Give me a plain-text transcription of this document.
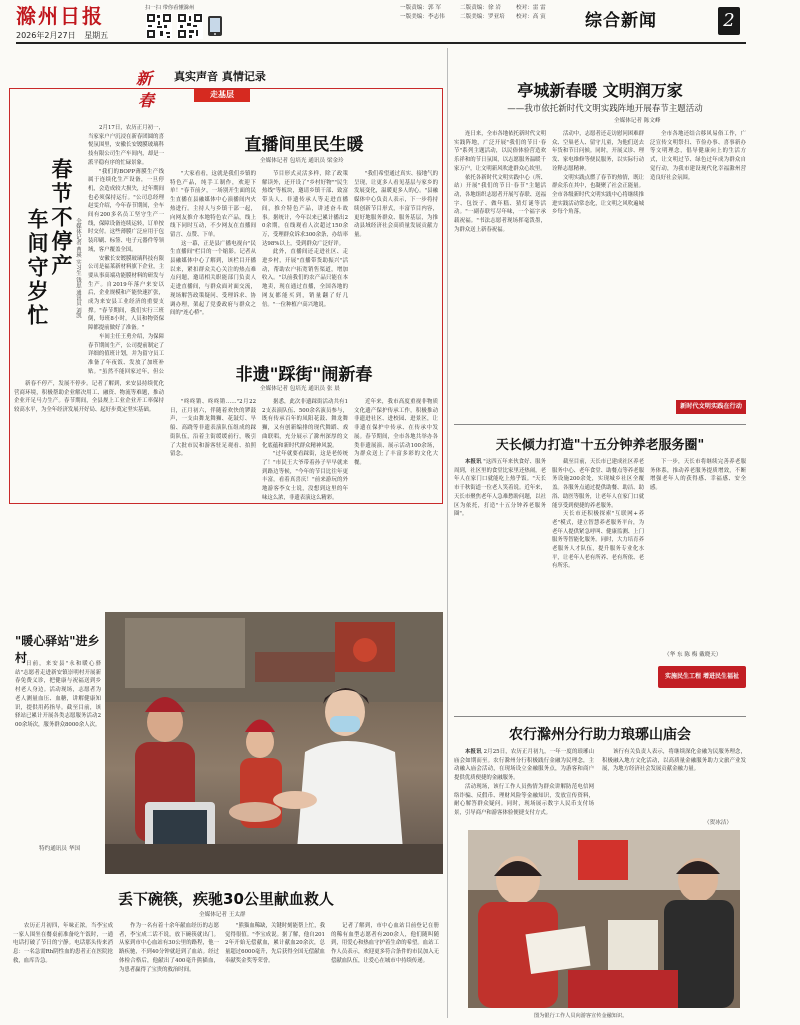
滁州日报
2026年2月27日 星期五
扫一扫 带你看懂滁州	一版责编：郭 军
一版美编：李志伟
二版责编：徐 岩
二版美编：罗亚培
校对：雷 雷
校对：高 寅	综合新闻	2
新
春
真实声音 真情记录
走基层
春节不停产
车间守岁忙	全媒体记者 曹瑛 实习生 钱思 通讯员 刘凯

2月17日，农历正月初一，当家家户户沉浸在新春团圆的喜悦氛围里，安徽长安镀膜玻璃科技有限公司生产车间内，却是一派平稳有序的忙碌景象。

"我们的BOPP薄膜生产线属于连续化生产设备，一旦停机，会造成较大损失，过年期间也必须保持运行。"公司总经理赵雯介绍，今年春节期间，全车间有200多名员工坚守生产一线，保障设备连续运转，订单按时交付。这些薄膜广泛应用于包装印刷、标签、电子元器件等领域，客户覆盖全国。

安徽长安镀膜玻璃科技有限公司是福莱新材料旗下企业，主要从事高端功能膜材料的研发与生产。自2019年落户来安以后，企业规模和产能快速扩张，成为来安县工业经济的重要支撑。"春节期间，我们实行三班倒，每班8小时，人员和物资保障都提前做好了准备。"

车间主任王勇介绍，为保障春节期间生产，公司提前制定了详细的值班计划，并为留守员工准备了年夜饭、发放了加班补贴。"虽然不能回家过年，但公

新春不停产，发展不停步。记者了解到，来安县持续优化营商环境，积极帮助企业解决用工、融资、物流等难题，推动企业开足马力生产。春节期间，全县规上工业企业开工率保持较高水平，为全年经济发展开好局、起好步奠定坚实基础。

直播间里民生暖
全媒体记者 包培光 通讯员 梁金玲

"大家看看，这就是我们乡镇的特色产品，纯手工制作，欢迎下单！"春节前夕，一场别开生面的民生直播在县融媒体中心演播间内火热进行。主持人与乡镇干部一起，向网友推介本地特色农产品，线上线下同时互动，不少网友在直播间留言、点赞、下单。

这一幕，正是县广播电视台"民生直播间"栏目的一个缩影。记者从县融媒体中心了解到，该栏目开播以来，紧扣群众关心关注的热点难点问题，邀请相关职能部门负责人走进直播间，与群众面对面交流，现场解答政策疑问、受理诉求、协调办理，架起了党委政府与群众之间的"连心桥"。

节目形式灵活多样，除了政策解读外，还开设了"乡村好物""民生热线"等板块，邀请乡镇干部、致富带头人、非遗传承人等走进直播间，推介特色产品，讲述奋斗故事。据统计，今年以来已累计播出20余期，在线观看人次超过150余万，受理群众诉求300余条，办结率达98%以上，受到群众广泛好评。

此外，直播间还走进社区、走进乡村，开展"直播带货助振兴"活动，帮助农户拓宽销售渠道，增加收入。"以前我们的农产品只能在本地卖，现在通过直播，全国各地的网友都能买到，销量翻了好几倍。"一位种植户高兴地说。

"我们希望通过真实、接地气的呈现，让更多人看见基层与家乡的发展变化，温暖更多人的心。"县融媒体中心负责人表示，下一步将持续创新节目形式，丰富节目内容，更好地服务群众、服务基层，为推动县域经济社会高质量发展贡献力量。

非遗"踩街"闹新春
全媒体记者 包培光 通讯员 张 晨

"咚咚锵、咚咚锵……"2月22日，正月初六，伴随着欢快的锣鼓声，一支由舞龙舞狮、花鼓灯、旱船、高跷等非遗表演队伍组成的踩街队伍，沿着主街缓缓前行，吸引了大批市民和游客驻足观看、拍照留念。

据悉，此次非遗踩街活动共有12支表演队伍、500余名演员参与，既有传承百年的凤阳花鼓、舞龙舞狮，又有创新编排的现代舞蹈、戏曲联唱，充分展示了滁州深厚的文化底蕴和新时代群众精神风貌。

"过年就要看踩街，这是老传统了！"市民王大爷带着孙子早早就来到路边等候，"今年的节目比往年更丰富，看着真喜庆！"前来游玩的外地游客李女士说，没想到这里的年味这么浓，非遗表演这么精彩。

近年来，我市高度重视非物质文化遗产保护传承工作，积极推动非遗进社区、进校园、进景区，让非遗在保护中传承、在传承中发展。春节期间，全市各地共举办各类非遗展演、展示活动100余场，为群众送上了丰富多彩的文化大餐。

"暖心驿站"进乡村

日前，来安县"永和暖心驿站"志愿者走进新安镇崇明村开展新春免费义诊，把健康与祝福送到乡村老人身边。活动现场，志愿者为老人测量血压、血糖，讲解健康知识，提供用药指导。截至目前，该驿站已累计开展各类志愿服务活动200余场次，服务群众8000余人次。

特约通讯员 华国
丢下碗筷，疾驰30公里献血救人
全媒体记者 王太群

农历正月初四，年味正浓。当李宝成一家人围坐在餐桌前准备吃午饭时，一通电话打破了节日的宁静。电话那头传来消息：一名急需Rh阴性血的患者正在医院抢救，血库告急。

作为一名有着十余年献血经历的志愿者，李宝成二话不说，放下碗筷就出门。从家到市中心血站有30公里的路程，他一路疾驰，不到40分钟就赶到了血站。经过体检合格后，他献出了400毫升熊猫血，为患者赢得了宝贵的救治时间。

"熊猫血稀缺，关键时刻能帮上忙，我觉得很值。"李宝成说。据了解，他自2012年开始无偿献血，累计献血20余次，总量超过6000毫升，先后获得全国无偿献血奉献奖金奖等荣誉。

记者了解到，市中心血站目前登记在册的稀有血型志愿者有200余人，他们随叫随到，用爱心和热血守护着生命的希望。血站工作人员表示，欢迎更多符合条件的市民加入无偿献血队伍，让爱心在城市中持续传递。

亭城新春暖 文明润万家
——我市依托新时代文明实践阵地开展春节主题活动
全媒体记者 陈文峰

连日来，全市各地依托新时代文明实践阵地，广泛开展"我们的节日·春节"系列主题活动，以民俗体验营造欢乐祥和的节日氛围，以志愿服务温暖千家万户，让文明新风吹进群众心坎里。

依托各新时代文明实践中心（所、站）开展"我们的节日·春节"主题活动，各地组织志愿者开展写春联、送福字、包饺子、做年糕、猜灯谜等活动。"一副春联写尽年味，一个福字承载祝福。"书法志愿者现场挥毫泼墨，为群众送上新春祝福。

活动中，志愿者还走访慰问困难群众、空巢老人、留守儿童，为他们送去年货和节日问候。同时，开展义诊、理发、家电维修等便民服务，以实际行动诠释志愿精神。

文明实践点燃了春节的热情，既让群众乐在其中，也凝聚了社会正能量。全市各级新时代文明实践中心将继续推进实践活动常态化，让文明之风吹遍城乡每个角落。

全市各地还结合移风易俗工作，广泛宣传文明祭扫、节俭办事、喜事新办等文明理念，倡导健康向上的生活方式，让文明过节、绿色过年成为群众自觉行动，为我市建设现代化幸福滁州营造良好社会氛围。

新时代文明实践在行动
天长倾力打造"十五分钟养老服务圈"

本报讯 "这四五年来伙食好、服务周到，社区里的食堂比家里还热闹，老年人在家门口就能吃上热乎饭。"天长市千秋街道一位老人笑着说。近年来，天长市聚焦老年人急难愁盼问题，以社区为依托，打造"十五分钟养老服务圈"。

截至目前，天长市已建成社区养老服务中心、老年食堂、助餐点等养老服务设施200余处，实现城乡社区全覆盖。各服务点通过提供助餐、助洁、助浴、助医等服务，让老年人在家门口就能享受到便捷的养老服务。

天长市还积极探索"互联网+养老"模式，建立智慧养老服务平台，为老年人提供紧急呼叫、健康监测、上门服务等智能化服务。同时，大力培育养老服务人才队伍，提升服务专业化水平，让老年人老有所养、老有所依、老有所乐。

下一步，天长市将继续完善养老服务体系，推动养老服务提质增效，不断增强老年人的获得感、幸福感、安全感。

（华 东 陈 梅 戴晓天）
实施民生工程 增进民生福祉
农行滁州分行助力琅琊山庙会

本报讯 2月25日，农历正月初九，一年一度的琅琊山庙会如期而至。农行滁州分行积极践行金融为民理念，主动融入庙会活动，在现场设立金融服务点，为游客和商户提供优质便捷的金融服务。

活动现场，该行工作人员热情为群众讲解防范电信网络诈骗、反假币、理财风险等金融知识，发放宣传资料，耐心解答群众疑问。同时，现场展示数字人民币支付场景，引导商户和游客体验便捷支付方式。

该行有关负责人表示，将继续深化金融为民服务理念，积极融入地方文化活动，以高质量金融服务助力文旅产业发展，为地方经济社会发展贡献金融力量。

（贺冰洁）
图为银行工作人员向游客宣传金融知识。
